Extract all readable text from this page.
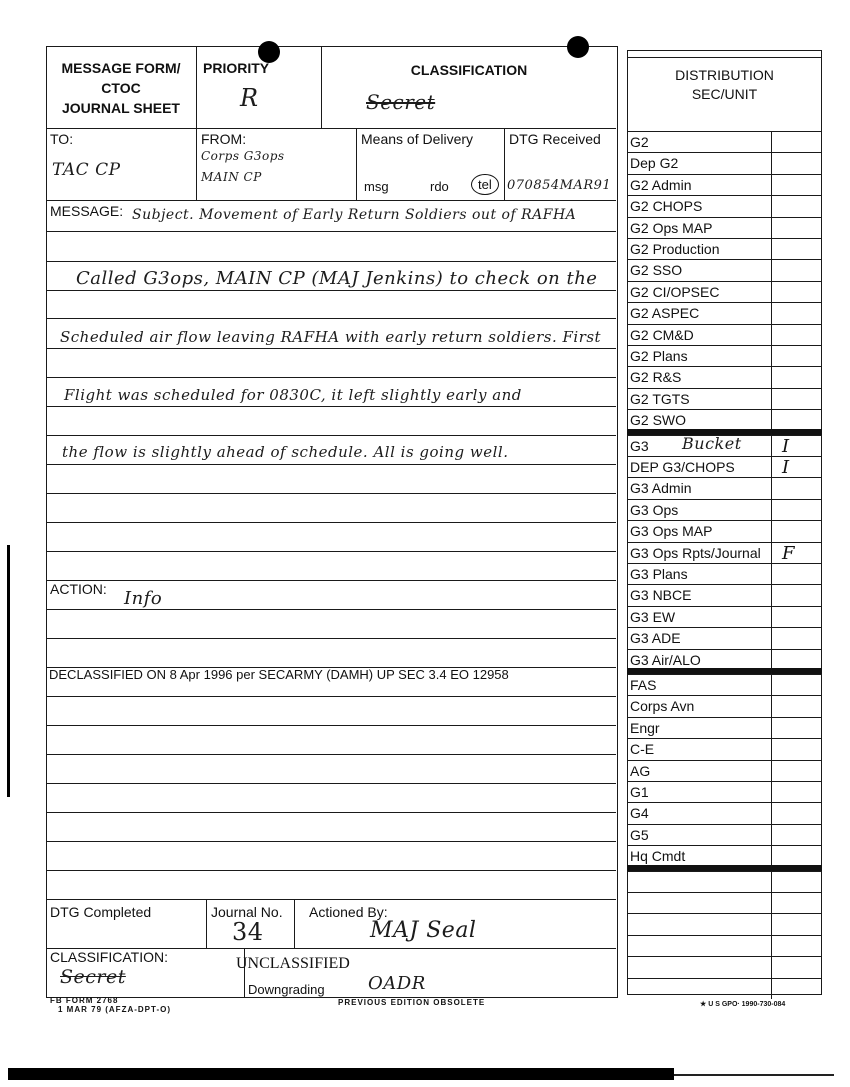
MESSAGE FORM/
CTOC
JOURNAL SHEET
PRIORITY
R
CLASSIFICATION
Secret
TO:
TAC CP
FROM:
Corps G3ops
MAIN CP
Means of Delivery
msg	rdo	tel
DTG Received
070854MAR91
MESSAGE: Subject. Movement of Early Return Soldiers out of RAFHA
Called G3ops, MAIN CP (MAJ Jenkins) to check on the
Scheduled air flow leaving RAFHA with early return soldiers. First
Flight was scheduled for 0830C, it left slightly early and
the flow is slightly ahead of schedule. All is going well.
ACTION: Info
DECLASSIFIED ON 8 Apr 1996 per SECARMY (DAMH) UP SEC 3.4 EO 12958
DTG Completed	Journal No.
34
Actioned By:
MAJ Seal
CLASSIFICATION:
Secret
UNCLASSIFIED
Downgrading OADR
FB FORM 2768
1 MAR 79 (AFZA-DPT-O)
PREVIOUS EDITION OBSOLETE
DISTRIBUTION
SEC/UNIT
G2
Dep G2
G2 Admin
G2 CHOPS
G2 Ops MAP
G2 Production
G2 SSO
G2 CI/OPSEC
G2 ASPEC
G2 CM&D
G2 Plans
G2 R&S
G2 TGTS
G2 SWO
G3 Bucket I
DEP G3/CHOPS	I
G3 Admin
G3 Ops
G3 Ops MAP
G3 Ops Rpts/Journal F
G3 Plans
G3 NBCE
G3 EW
G3 ADE
G3 Air/ALO
FAS
Corps Avn
Engr
C-E
AG
G1
G4
G5
Hq Cmdt
★ U S GPO· 1990-730-084
